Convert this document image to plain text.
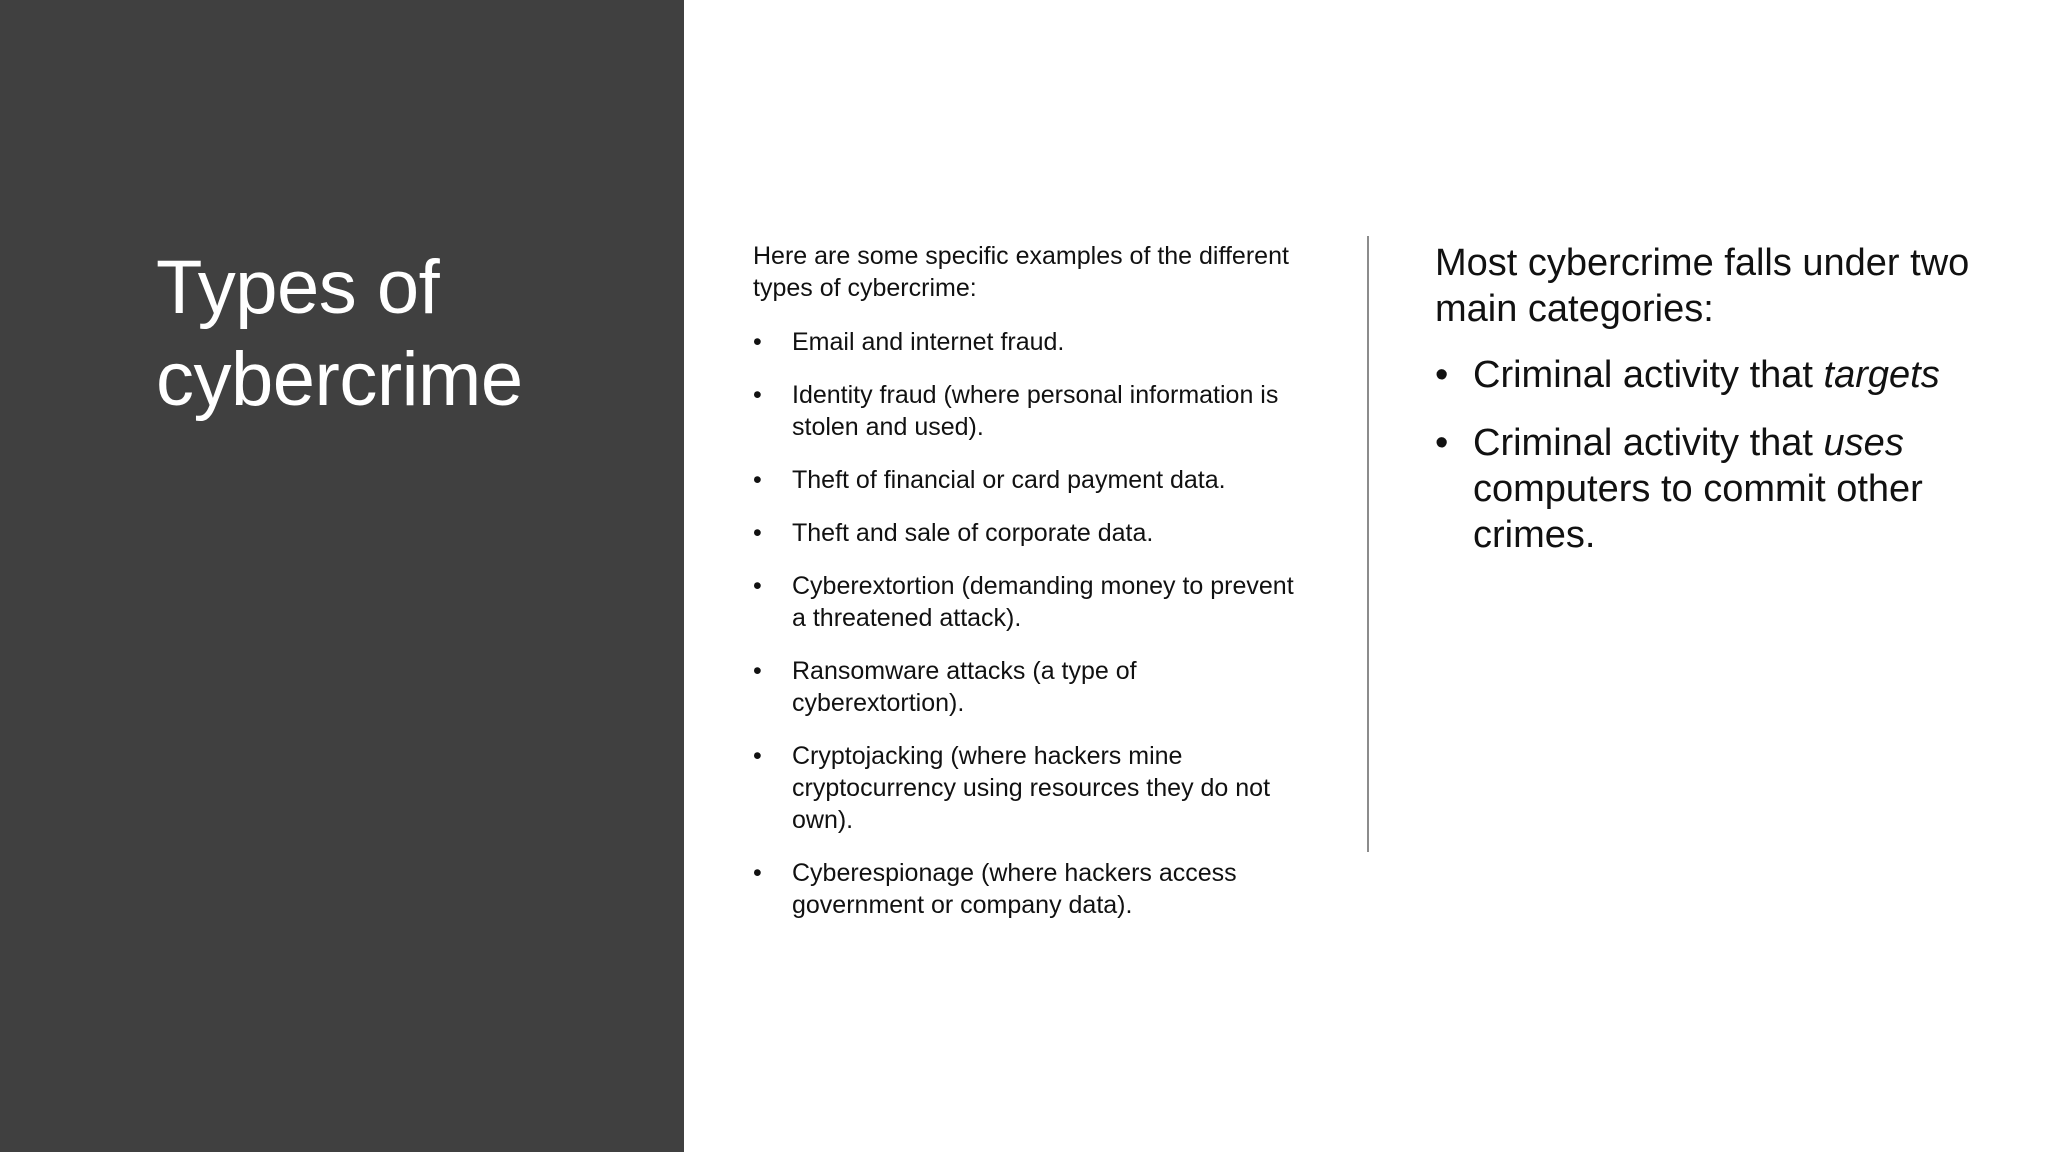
Types of cybercrime

Here are some specific examples of the different types of cybercrime:

•	Email and internet fraud.
•	Identity fraud (where personal information is stolen and used).
•	Theft of financial or card payment data.
•	Theft and sale of corporate data.
•	Cyberextortion (demanding money to prevent a threatened attack).
•	Ransomware attacks (a type of cyberextortion).
•	Cryptojacking (where hackers mine cryptocurrency using resources they do not own).
•	Cyberespionage (where hackers access government or company data).

Most cybercrime falls under two main categories:

• Criminal activity that targets
• Criminal activity that uses computers to commit other crimes.
